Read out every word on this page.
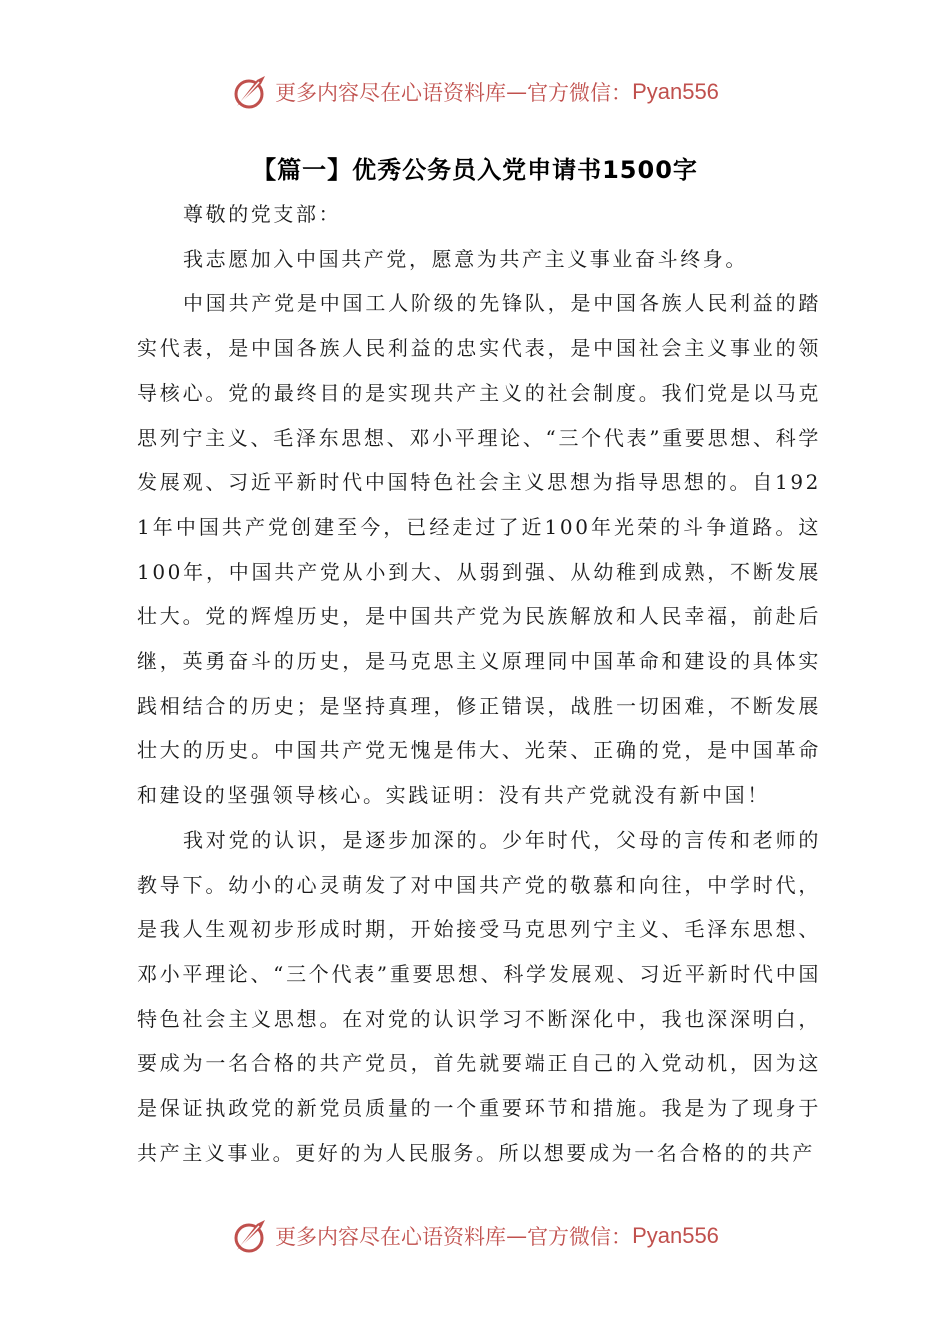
更多内容尽在心语资料库 — 官方微信： Pyan556
【篇一】优秀公务员入党申请书1500字

尊敬的党支部：

我志愿加入中国共产党，愿意为共产主义事业奋斗终身。

中国共产党是中国工人阶级的先锋队，是中国各族人民利益的踏实代表，是中国各族人民利益的忠实代表，是中国社会主义事业的领导核心。党的最终目的是实现共产主义的社会制度。我们党是以马克思列宁主义、毛泽东思想、邓小平理论、“三个代表”重要思想、科学发展观、习近平新时代中国特色社会主义思想为指导思想的。自1921年中国共产党创建至今，已经走过了近100年光荣的斗争道路。这100年，中国共产党从小到大、从弱到强、从幼稚到成熟，不断发展壮大。党的辉煌历史，是中国共产党为民族解放和人民幸福，前赴后继，英勇奋斗的历史，是马克思主义原理同中国革命和建设的具体实践相结合的历史；是坚持真理，修正错误，战胜一切困难，不断发展壮大的历史。中国共产党无愧是伟大、光荣、正确的党，是中国革命和建设的坚强领导核心。实践证明：没有共产党就没有新中国！

我对党的认识，是逐步加深的。少年时代，父母的言传和老师的教导下。幼小的心灵萌发了对中国共产党的敬慕和向往，中学时代，是我人生观初步形成时期，开始接受马克思列宁主义、毛泽东思想、邓小平理论、“三个代表”重要思想、科学发展观、习近平新时代中国特色社会主义思想。在对党的认识学习不断深化中，我也深深明白，要成为一名合格的共产党员，首先就要端正自己的入党动机，因为这是保证执政党的新党员质量的一个重要环节和措施。我是为了现身于共产主义事业。更好的为人民服务。所以想要成为一名合格的的共产

更多内容尽在心语资料库 — 官方微信： Pyan556
